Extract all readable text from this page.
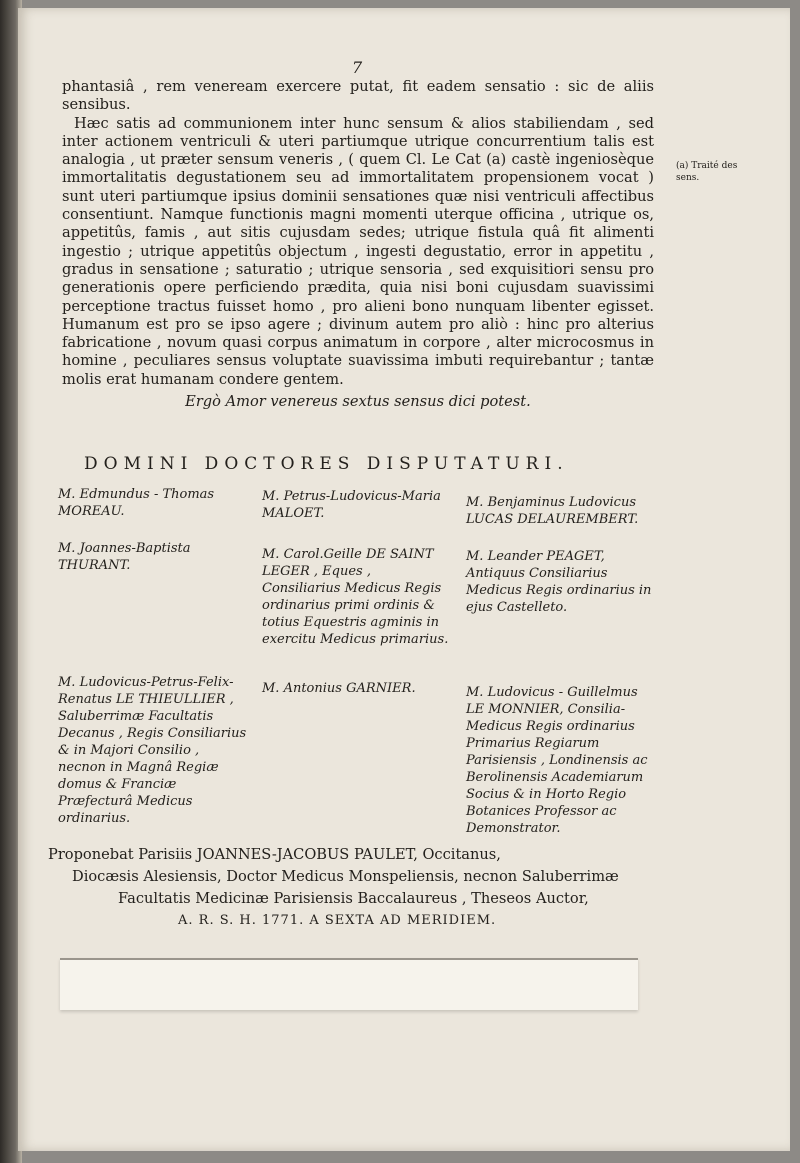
7

phantasiâ , rem veneream exercere putat, fit eadem sensatio : sic de aliis sensibus.

Hæc satis ad communionem inter hunc sensum & alios stabiliendam , sed inter actionem ventriculi & uteri partiumque utrique concurrentium talis est analogia , ut præter sensum veneris , ( quem Cl. Le Cat (a) castè ingeniosèque immortalitatis degustationem seu ad immortalitatem propensionem vocat ) sunt uteri partiumque ipsius dominii sensationes quæ nisi ventriculi affectibus consentiunt. Namque functionis magni momenti uterque officina , utrique os, appetitûs, famis , aut sitis cujusdam sedes; utrique fistula quâ fit alimenti ingestio ; utrique appetitûs objectum , ingesti degustatio, error in appetitu , gradus in sensatione ; saturatio ; utrique sensoria , sed exquisitiori sensu pro generationis opere perficiendo prædita, quia nisi boni cujusdam suavissimi perceptione tractus fuisset homo , pro alieni bono nunquam libenter egisset. Humanum est pro se ipso agere ; divinum autem pro aliò : hinc pro alterius fabricatione , novum quasi corpus animatum in corpore , alter microcosmus in homine , peculiares sensus voluptate suavissima imbuti requirebantur ; tantæ molis erat humanam condere gentem.

Ergò Amor venereus sextus sensus dici potest.

(a) Traité des sens.
DOMINI DOCTORES DISPUTATURI.
M. Edmundus - Thomas MOREAU.
M. Petrus-Ludovicus-Maria MALOET.
M. Benjaminus Ludovicus LUCAS DELAUREMBERT.
M. Joannes-Baptista THURANT.
M. Carol.Geille DE SAINT LEGER , Eques , Consiliarius Medicus Regis ordinarius primi ordinis & totius Equestris agminis in exercitu Medicus primarius.
M. Leander PEAGET, Antiquus Consiliarius Medicus Regis ordinarius in ejus Castelleto.
M. Ludovicus-Petrus-Felix-Renatus LE THIEULLIER , Saluberrimæ Facultatis Decanus , Regis Consiliarius & in Majori Consilio , necnon in Magnâ Regiæ domus & Franciæ Præfecturâ Medicus ordinarius.
M. Antonius GARNIER.	M. Ludovicus - Guillelmus LE MONNIER, Consilia-Medicus Regis ordinarius Primarius Regiarum Parisiensis , Londinensis ac Berolinensis Academiarum Socius & in Horto Regio Botanices Professor ac Demonstrator.

Proponebat Parisiis JOANNES-JACOBUS PAULET, Occitanus,

Diocæsis Alesiensis, Doctor Medicus Monspeliensis, necnon Saluberrimæ

Facultatis Medicinæ Parisiensis Baccalaureus , Theseos Auctor,

A. R. S. H. 1771. A SEXTA AD MERIDIEM.
